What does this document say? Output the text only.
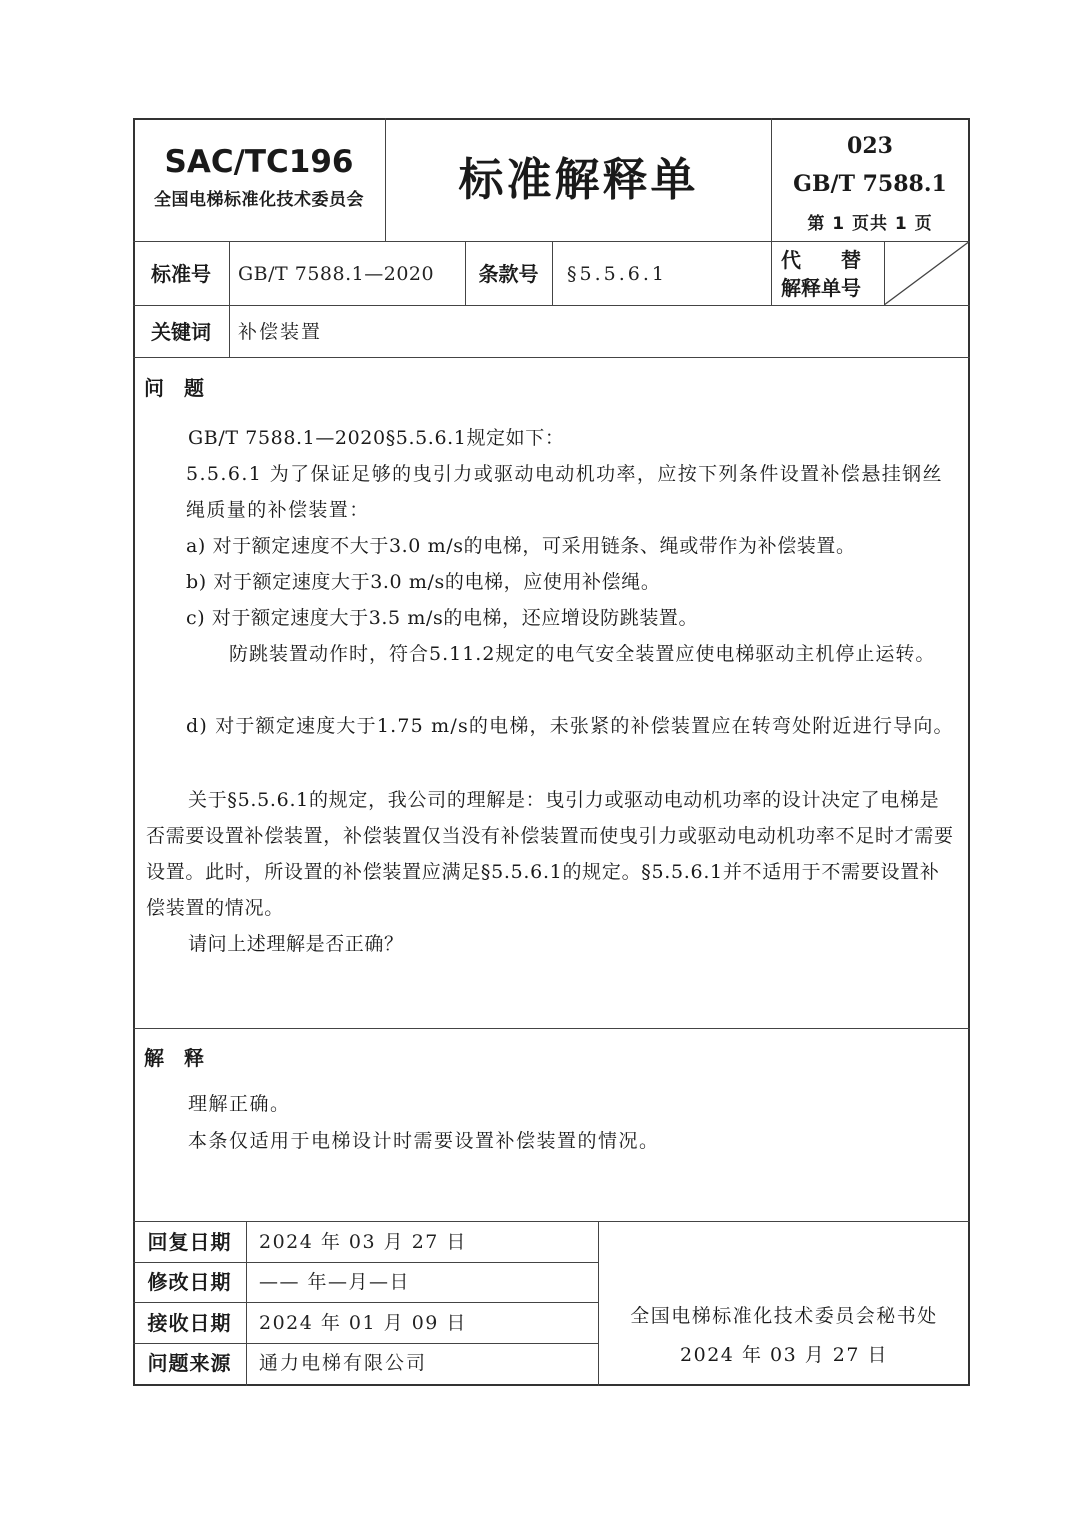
SAC/TC196
全国电梯标准化技术委员会	标准解释单
023
GB/T 7588.1
第 1 页共 1 页
标准号	GB/T 7588.1—2020	条款号	§5.5.6.1
代　　替
解释单号
关键词	补偿装置
问　题
GB/T 7588.1—2020§5.5.6.1规定如下：
5.5.6.1 为了保证足够的曳引力或驱动电动机功率，应按下列条件设置补偿悬挂钢丝绳质量的补偿装置：
a) 对于额定速度不大于3.0 m/s的电梯，可采用链条、绳或带作为补偿装置。
b) 对于额定速度大于3.0 m/s的电梯，应使用补偿绳。
c) 对于额定速度大于3.5 m/s的电梯，还应增设防跳装置。
防跳装置动作时，符合5.11.2规定的电气安全装置应使电梯驱动主机停止运转。
d) 对于额定速度大于1.75 m/s的电梯，未张紧的补偿装置应在转弯处附近进行导向。
关于§5.5.6.1的规定，我公司的理解是：曳引力或驱动电动机功率的设计决定了电梯是否需要设置补偿装置，补偿装置仅当没有补偿装置而使曳引力或驱动电动机功率不足时才需要设置。此时，所设置的补偿装置应满足§5.5.6.1的规定。§5.5.6.1并不适用于不需要设置补偿装置的情况。
请问上述理解是否正确？
解　释
理解正确。
本条仅适用于电梯设计时需要设置补偿装置的情况。
回复日期	2024 年 03 月 27 日
修改日期	—— 年—月—日
接收日期	2024 年 01 月 09 日
问题来源	通力电梯有限公司
全国电梯标准化技术委员会秘书处
2024 年 03 月 27 日
